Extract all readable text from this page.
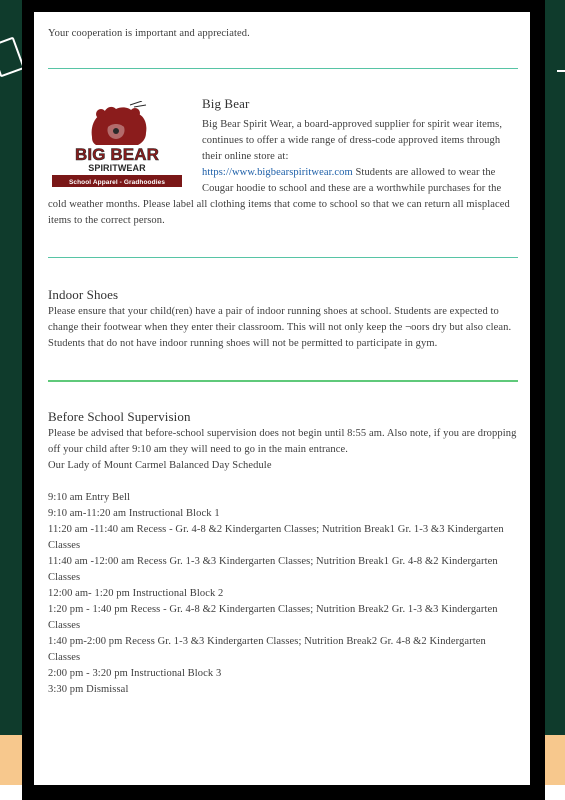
Your cooperation is important and appreciated.

BIG BEAR
SPIRITWEAR
School Apparel - Gradhoodies

Big Bear

Big Bear Spirit Wear, a board-approved supplier for spirit wear items, continues to offer a wide range of dress-code approved items through their online store at:
https://www.bigbearspiritwear.com Students are allowed to wear the Cougar hoodie to school and these are a worthwhile purchases for the cold weather months. Please label all clothing items that come to school so that we can return all misplaced items to the correct person.

Indoor Shoes

Please ensure that your child(ren) have a pair of indoor running shoes at school. Students are expected to change their footwear when they enter their classroom. This will not only keep the ¬oors dry but also clean. Students that do not have indoor running shoes will not be permitted to participate in gym.

Before School Supervision

Please be advised that before-school supervision does not begin until 8:55 am. Also note, if you are dropping off your child after 9:10 am they will need to go in the main entrance.

Our Lady of Mount Carmel Balanced Day Schedule

9:10 am Entry Bell
9:10 am-11:20 am Instructional Block 1
11:20 am -11:40 am Recess - Gr. 4-8 &2 Kindergarten Classes; Nutrition Break1 Gr. 1-3 &3 Kindergarten Classes
11:40 am -12:00 am Recess Gr. 1-3 &3 Kindergarten Classes; Nutrition Break1 Gr. 4-8 &2 Kindergarten Classes
12:00 am- 1:20 pm Instructional Block 2
1:20 pm - 1:40 pm Recess - Gr. 4-8 &2 Kindergarten Classes; Nutrition Break2 Gr. 1-3 &3 Kindergarten Classes
1:40 pm-2:00 pm Recess Gr. 1-3 &3 Kindergarten Classes; Nutrition Break2 Gr. 4-8 &2 Kindergarten Classes
2:00 pm - 3:20 pm Instructional Block 3
3:30 pm Dismissal
